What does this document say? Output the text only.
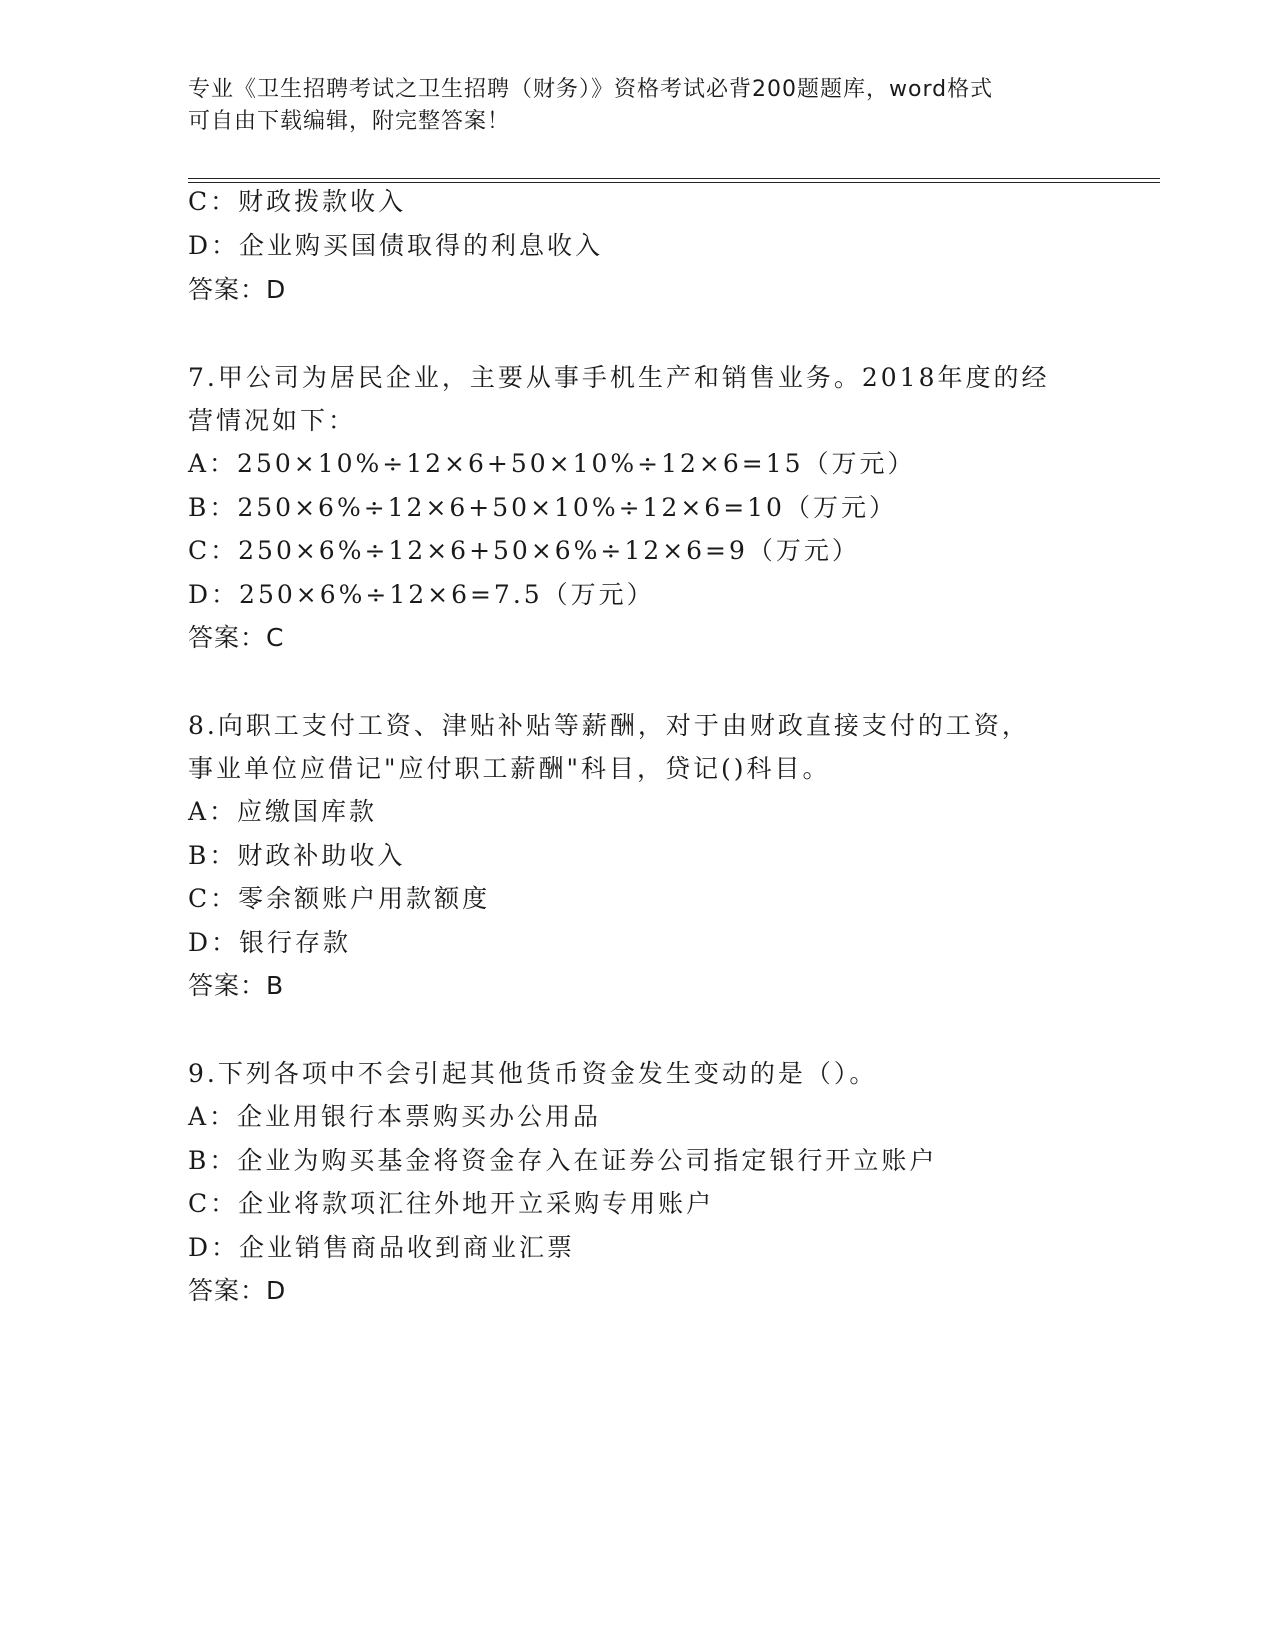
专业《卫生招聘考试之卫生招聘（财务）》资格考试必背200题题库，word格式
可自由下载编辑，附完整答案！
C：财政拨款收入
D：企业购买国债取得的利息收入
答案：D
7.甲公司为居民企业，主要从事手机生产和销售业务。2018年度的经
营情况如下：
A：250×10%÷12×6+50×10%÷12×6=15（万元）
B：250×6%÷12×6+50×10%÷12×6=10（万元）
C：250×6%÷12×6+50×6%÷12×6=9（万元）
D：250×6%÷12×6=7.5（万元）
答案：C
8.向职工支付工资、津贴补贴等薪酬，对于由财政直接支付的工资，
事业单位应借记"应付职工薪酬"科目，贷记()科目。
A：应缴国库款
B：财政补助收入
C：零余额账户用款额度
D：银行存款
答案：B
9.下列各项中不会引起其他货币资金发生变动的是（）。
A：企业用银行本票购买办公用品
B：企业为购买基金将资金存入在证券公司指定银行开立账户
C：企业将款项汇往外地开立采购专用账户
D：企业销售商品收到商业汇票
答案：D
